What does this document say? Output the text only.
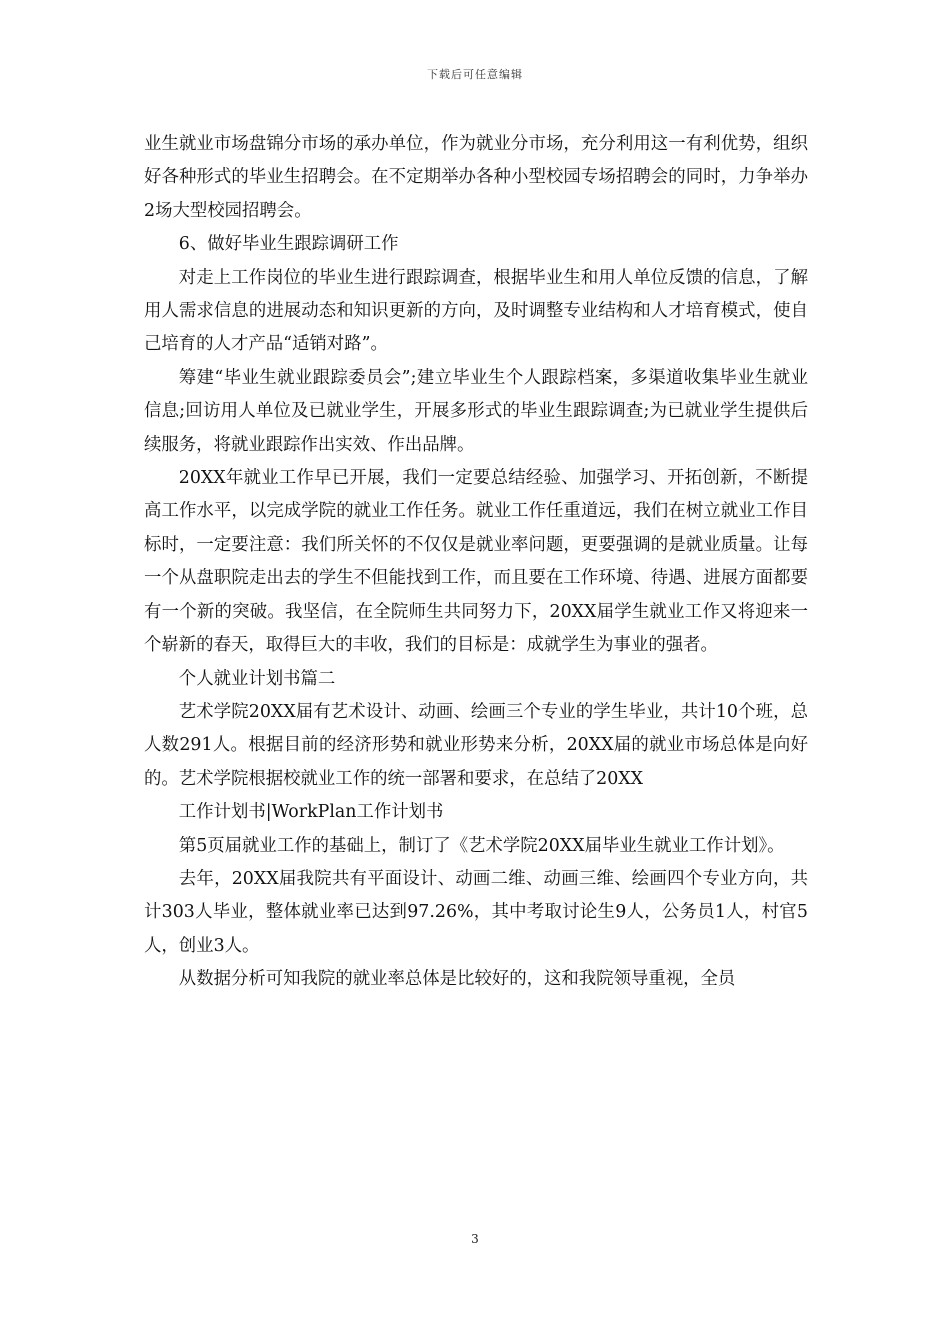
下载后可任意编辑

业生就业市场盘锦分市场的承办单位，作为就业分市场，充分利用这一有利优势，组织好各种形式的毕业生招聘会。在不定期举办各种小型校园专场招聘会的同时，力争举办2场大型校园招聘会。

6、做好毕业生跟踪调研工作

对走上工作岗位的毕业生进行跟踪调查，根据毕业生和用人单位反馈的信息，了解用人需求信息的进展动态和知识更新的方向，及时调整专业结构和人才培育模式，使自己培育的人才产品“适销对路”。

筹建“毕业生就业跟踪委员会”;建立毕业生个人跟踪档案，多渠道收集毕业生就业信息;回访用人单位及已就业学生，开展多形式的毕业生跟踪调查;为已就业学生提供后续服务，将就业跟踪作出实效、作出品牌。

20XX年就业工作早已开展，我们一定要总结经验、加强学习、开拓创新，不断提高工作水平，以完成学院的就业工作任务。就业工作任重道远，我们在树立就业工作目标时，一定要注意：我们所关怀的不仅仅是就业率问题，更要强调的是就业质量。让每一个从盘职院走出去的学生不但能找到工作，而且要在工作环境、待遇、进展方面都要有一个新的突破。我坚信，在全院师生共同努力下，20XX届学生就业工作又将迎来一个崭新的春天，取得巨大的丰收，我们的目标是：成就学生为事业的强者。

个人就业计划书篇二

艺术学院20XX届有艺术设计、动画、绘画三个专业的学生毕业，共计10个班，总人数291人。根据目前的经济形势和就业形势来分析，20XX届的就业市场总体是向好的。艺术学院根据校就业工作的统一部署和要求，在总结了20XX

工作计划书|WorkPlan工作计划书

第5页届就业工作的基础上，制订了《艺术学院20XX届毕业生就业工作计划》。

去年，20XX届我院共有平面设计、动画二维、动画三维、绘画四个专业方向，共计303人毕业，整体就业率已达到97.26%，其中考取讨论生9人，公务员1人，村官5人，创业3人。

从数据分析可知我院的就业率总体是比较好的，这和我院领导重视，全员

3
